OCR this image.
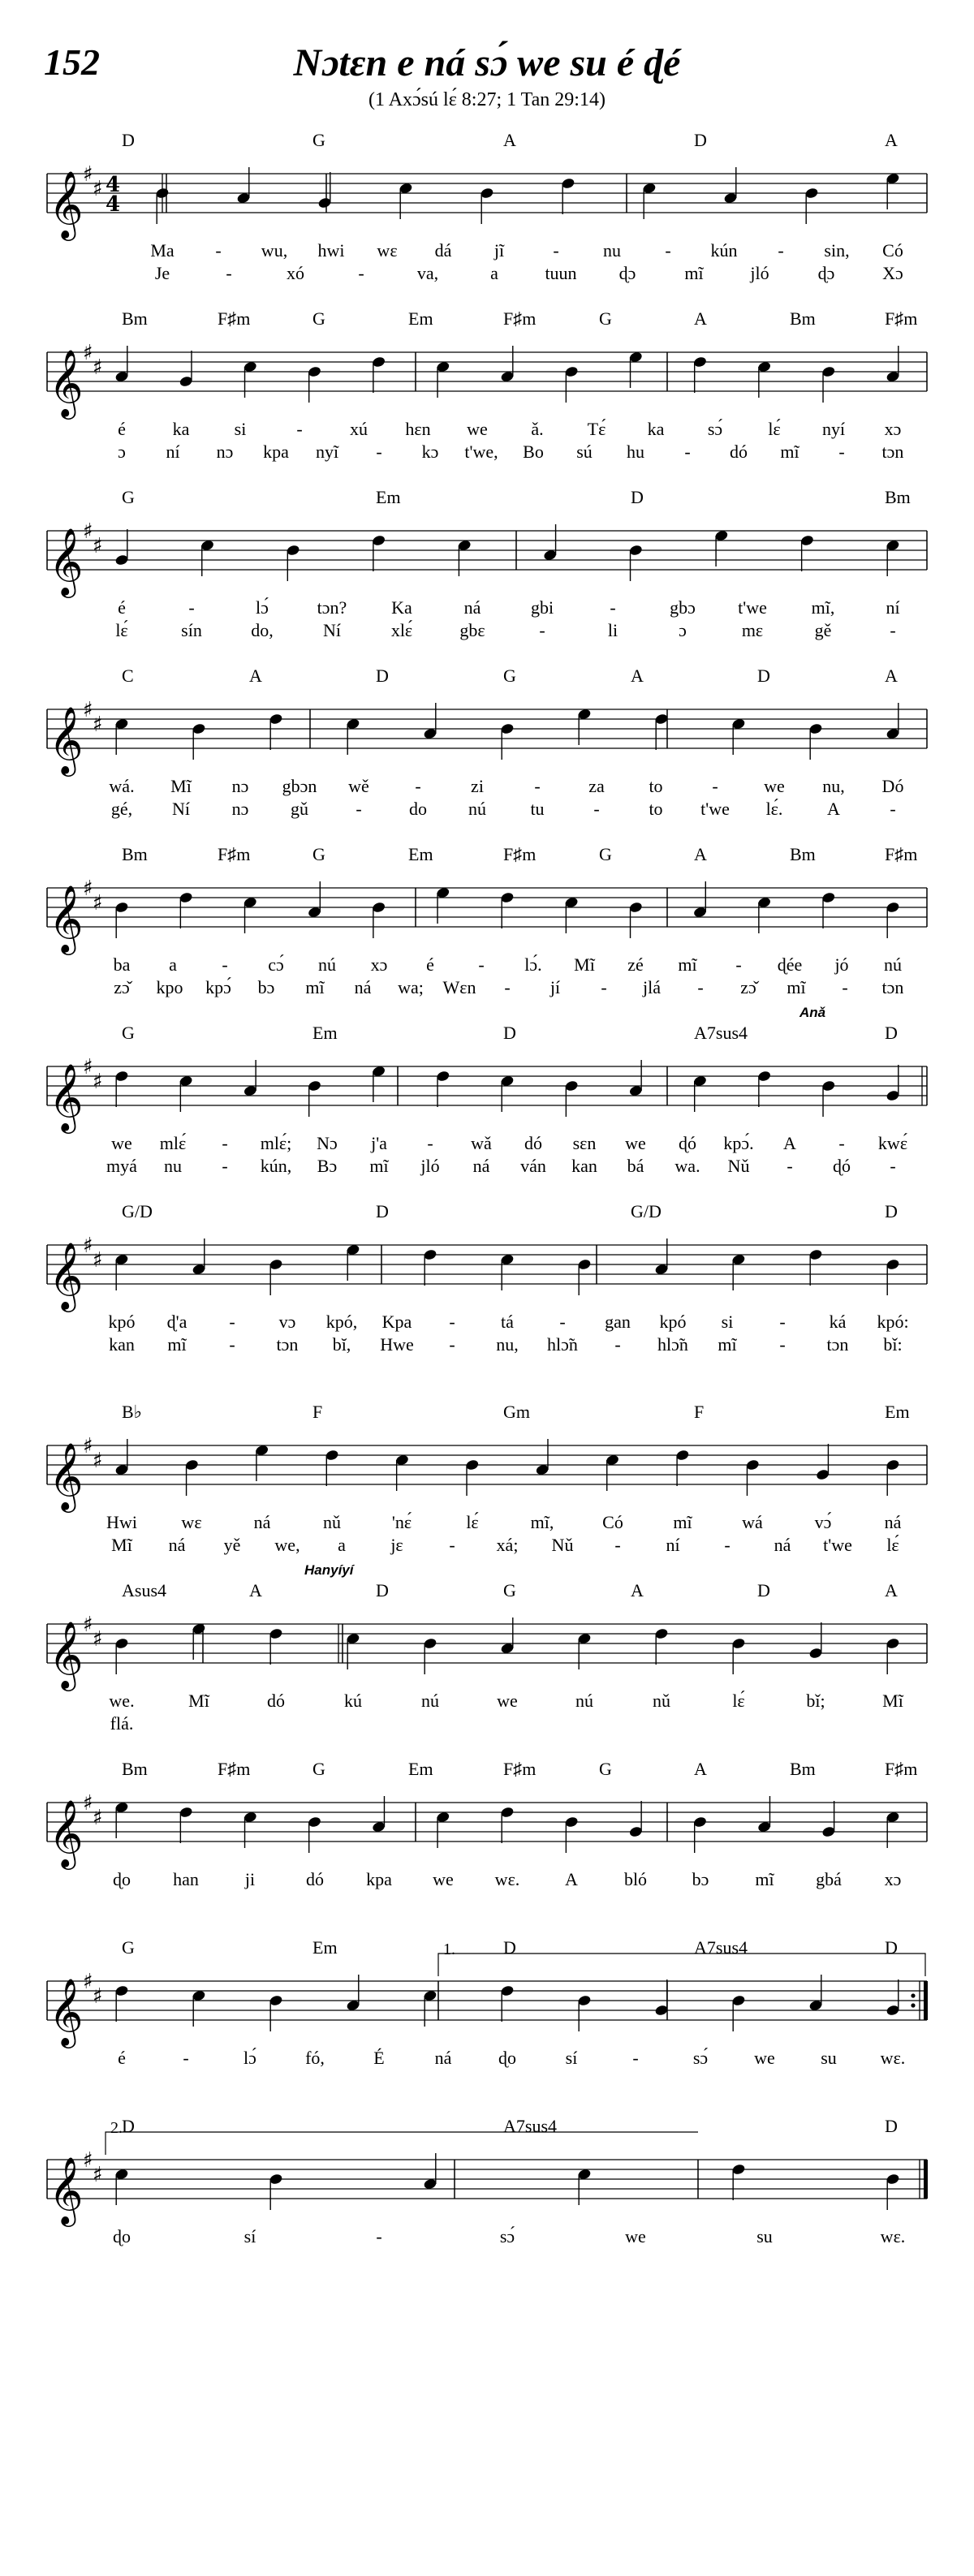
152	Nɔtɛn e ná sɔ́ we su é ɖé
(1 Axɔ́sú lɛ́ 8:27; 1 Tan 29:14)
D	G	A	D	A
𝄞 ♯
♯ 4
4
Ma - wu, hwi wɛ dá jĩ	- nu - kún - sin, Có
Je	-	xó	-	va,	a	tuun ɖɔ	mĩ	jló	ɖɔ	Xɔ
Bm	F♯m	G	Em	F♯m	G	A	Bm	F♯m
𝄞 ♯
♯
é	ka	si	-	xú hɛn we ǎ. Tɛ́ ka sɔ́	lɛ́ nyí xɔ
ɔ ní nɔ kpa nyĩ - kɔ t'we, Bo sú hu - dó mĩ - tɔn
G	Em	D	Bm
𝄞 ♯
♯
é	-	lɔ́	tɔn? Ka	ná	gbi	-	gbɔ t'we mĩ,	ní
lɛ́	sín	do,	Ní	xlɛ́	gbɛ	-	li	ɔ	mɛ	gě	-
C	A	D	G	A	D	A
𝄞 ♯
♯
wá. Mĩ nɔ gbɔn wě	-	zi	-	za to	-	we nu, Dó
gé, Ní nɔ gǔ	-	do nú tu	-	to t'we lɛ́. A	-
Bm	F♯m	G	Em	F♯m	G	A	Bm	F♯m
𝄞 ♯
♯
ba a	- cɔ́ nú xɔ é - lɔ́. Mĩ zé mĩ - ɖée jó nú
zɔ̌ kpo kpɔ́ bɔ mĩ ná wa; Wɛn - jí - jlá - zɔ̌ mĩ - tɔn
G	Em	D	A7sus4	D
𝄞 ♯
♯
we mlɛ́ - mlɛ́; Nɔ j'a - wǎ dó sɛn we ɖó kpɔ́. A - kwɛ́
myá nu - kún, Bɔ mĩ jló ná ván kan bá wa. Nǔ - ɖó -
Anǎ
G/D	D	G/D	D
𝄞 ♯
♯
kpó ɖ'a - vɔ kpó, Kpa -	tá	- gan kpó si	- ká kpó:
kan mĩ - tɔn bĭ, Hwe - nu, hlɔ̃n - hlɔ̃n mĩ - tɔn bǐ:
B♭	F	Gm	F	Em
𝄞 ♯
♯
Hwi wɛ	ná	nǔ	'nɛ́	lɛ́	mĩ,	Có	mĩ	wá	vɔ́	ná
Mĩ ná yě we, a	jɛ	- xá; Nǔ -	ní - ná t'we lɛ́
Asus4	A	D	G	A	D	A
𝄞 ♯
♯
we.	Mĩ	dó	kú	nú	we	nú	nǔ	lɛ́	bǐ;	Mĩ
flá.
Hanyíyí
Bm	F♯m	G	Em	F♯m	G	A	Bm	F♯m
𝄞 ♯
♯
ɖo han	ji	dó kpa we wɛ.	A	bló	bɔ	mĩ gbá xɔ
G	Em	D	A7sus4	D
𝄞 ♯
♯
é	-	lɔ́	fó,	É	ná	ɖo	sí	-	sɔ́	we	su wɛ.
1.
D	A7sus4	D
𝄞 ♯
♯
ɖo	sí	-	sɔ́	we	su	wɛ.
2.
